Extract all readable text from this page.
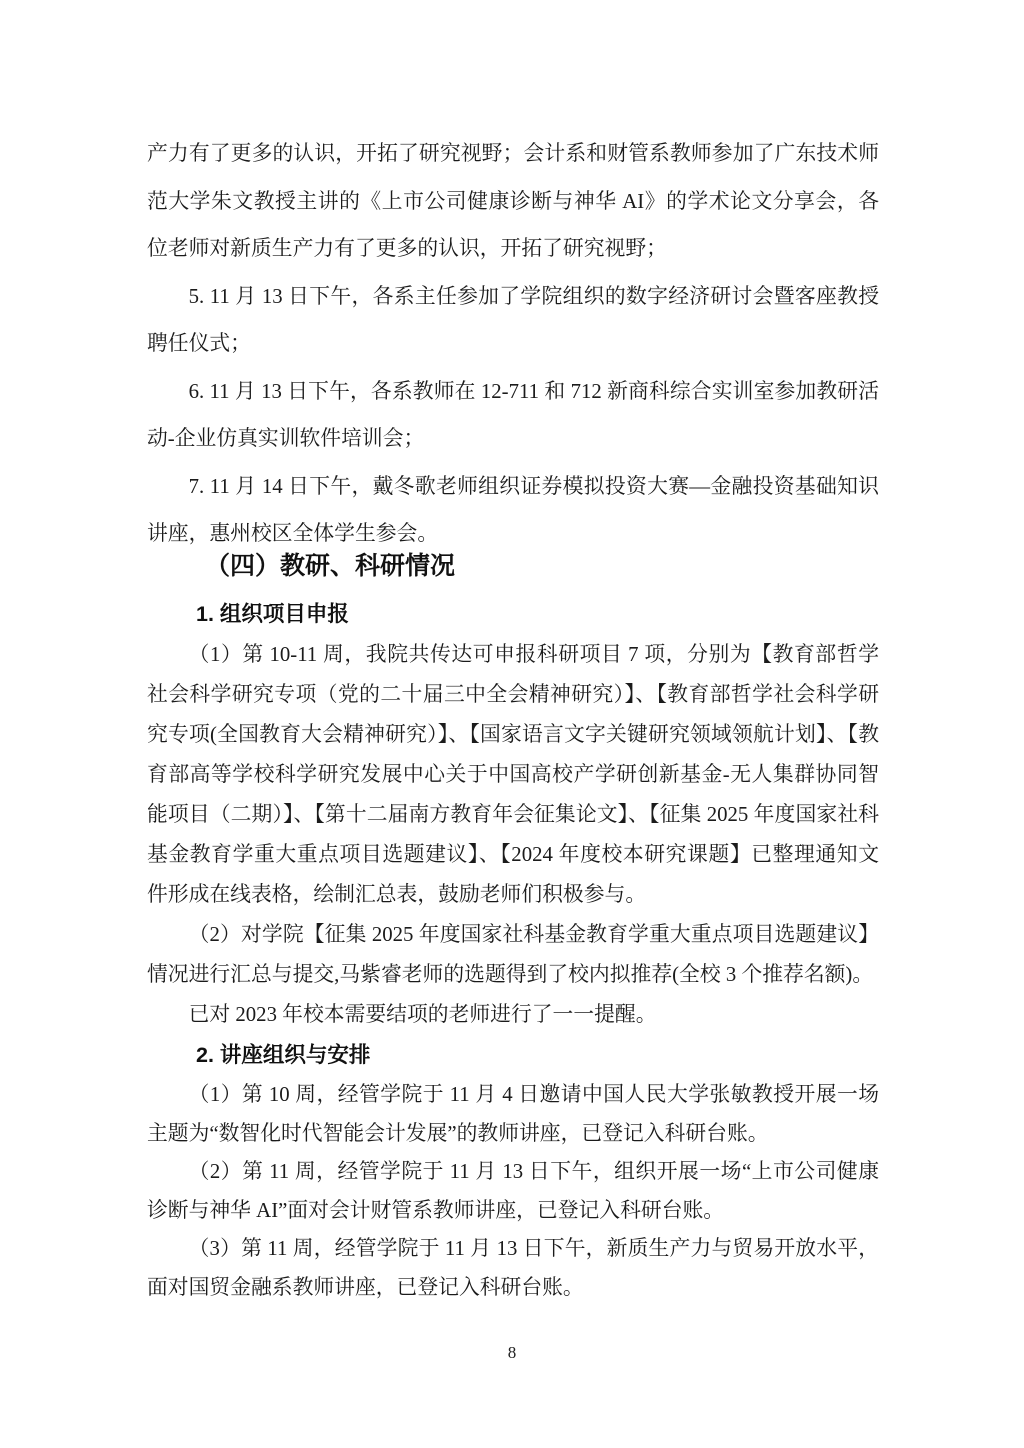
产力有了更多的认识，开拓了研究视野；会计系和财管系教师参加了广东技术师范大学朱文教授主讲的《上市公司健康诊断与神华 AI》的学术论文分享会，各位老师对新质生产力有了更多的认识，开拓了研究视野；

5. 11 月 13 日下午，各系主任参加了学院组织的数字经济研讨会暨客座教授聘任仪式；

6. 11 月 13 日下午，各系教师在 12-711 和 712 新商科综合实训室参加教研活动-企业仿真实训软件培训会；

7. 11 月 14 日下午，戴冬歌老师组织证券模拟投资大赛—金融投资基础知识讲座，惠州校区全体学生参会。

（四）教研、科研情况
1. 组织项目申报

（1）第 10-11 周，我院共传达可申报科研项目 7 项，分别为【教育部哲学社会科学研究专项（党的二十届三中全会精神研究）】、【教育部哲学社会科学研究专项(全国教育大会精神研究）】、【国家语言文字关键研究领域领航计划】、【教育部高等学校科学研究发展中心关于中国高校产学研创新基金-无人集群协同智能项目（二期）】、【第十二届南方教育年会征集论文】、【征集 2025 年度国家社科基金教育学重大重点项目选题建议】、【2024 年度校本研究课题】已整理通知文件形成在线表格，绘制汇总表，鼓励老师们积极参与。

（2）对学院【征集 2025 年度国家社科基金教育学重大重点项目选题建议】情况进行汇总与提交,马紫睿老师的选题得到了校内拟推荐(全校 3 个推荐名额)。

已对 2023 年校本需要结项的老师进行了一一提醒。

2. 讲座组织与安排

（1）第 10 周，经管学院于 11 月 4 日邀请中国人民大学张敏教授开展一场主题为“数智化时代智能会计发展”的教师讲座，已登记入科研台账。

（2）第 11 周，经管学院于 11 月 13 日下午，组织开展一场“上市公司健康诊断与神华 AI”面对会计财管系教师讲座，已登记入科研台账。

（3）第 11 周，经管学院于 11 月 13 日下午，新质生产力与贸易开放水平，面对国贸金融系教师讲座，已登记入科研台账。

8
